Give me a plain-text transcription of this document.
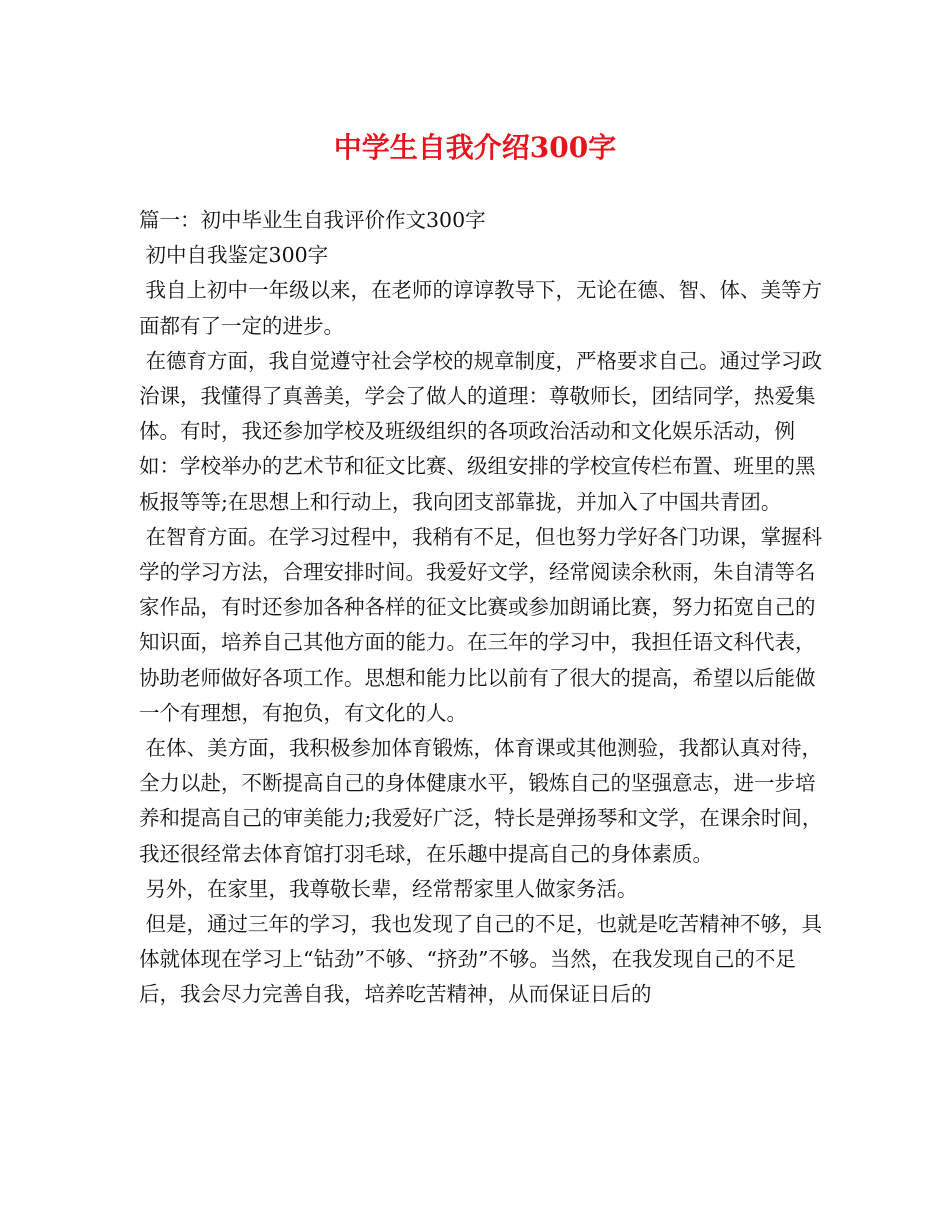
中学生自我介绍300字

篇一：初中毕业生自我评价作文300字

初中自我鉴定300字

我自上初中一年级以来，在老师的谆谆教导下，无论在德、智、体、美等方面都有了一定的进步。

在德育方面，我自觉遵守社会学校的规章制度，严格要求自己。通过学习政治课，我懂得了真善美，学会了做人的道理：尊敬师长，团结同学，热爱集体。有时，我还参加学校及班级组织的各项政治活动和文化娱乐活动，例如：学校举办的艺术节和征文比赛、级组安排的学校宣传栏布置、班里的黑板报等等;在思想上和行动上，我向团支部靠拢，并加入了中国共青团。

在智育方面。在学习过程中，我稍有不足，但也努力学好各门功课，掌握科学的学习方法，合理安排时间。我爱好文学，经常阅读余秋雨，朱自清等名家作品，有时还参加各种各样的征文比赛或参加朗诵比赛，努力拓宽自己的知识面，培养自己其他方面的能力。在三年的学习中，我担任语文科代表，协助老师做好各项工作。思想和能力比以前有了很大的提高，希望以后能做一个有理想，有抱负，有文化的人。

在体、美方面，我积极参加体育锻炼，体育课或其他测验，我都认真对待，全力以赴，不断提高自己的身体健康水平，锻炼自己的坚强意志，进一步培养和提高自己的审美能力;我爱好广泛，特长是弹扬琴和文学，在课余时间，我还很经常去体育馆打羽毛球，在乐趣中提高自己的身体素质。

另外，在家里，我尊敬长辈，经常帮家里人做家务活。

但是，通过三年的学习，我也发现了自己的不足，也就是吃苦精神不够，具体就体现在学习上“钻劲”不够、“挤劲”不够。当然，在我发现自己的不足后，我会尽力完善自我，培养吃苦精神，从而保证日后的
